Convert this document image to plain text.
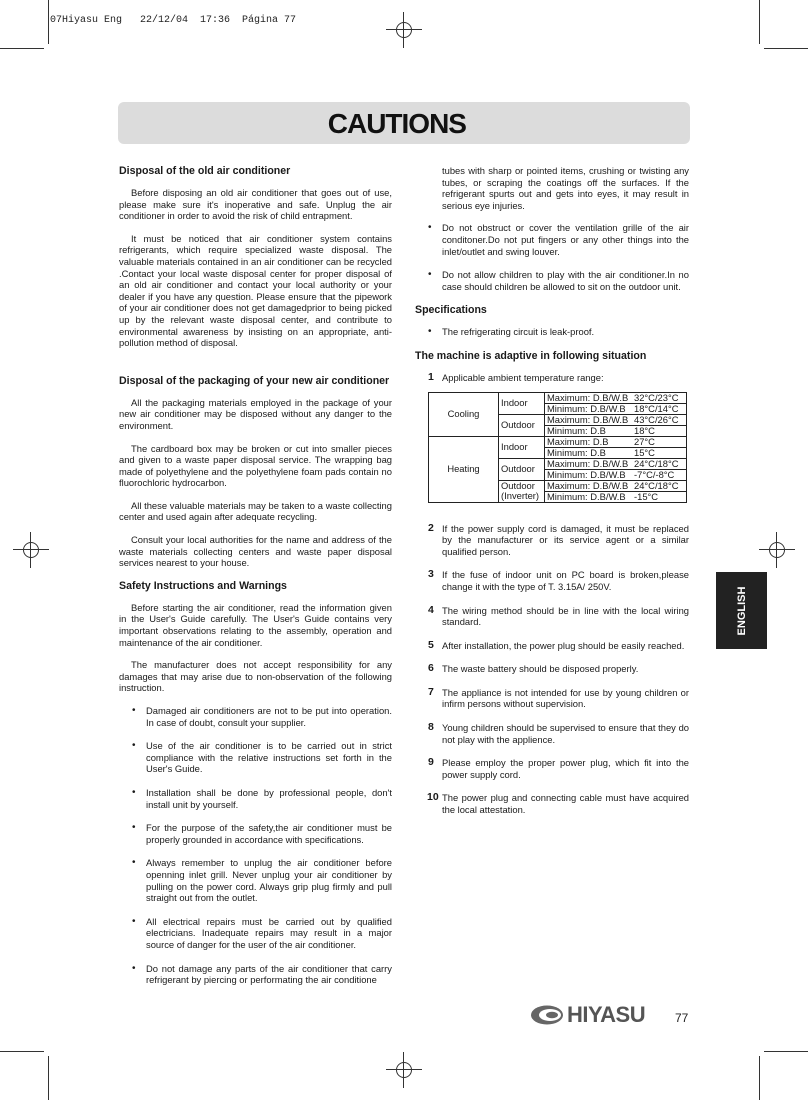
07Hiyasu Eng   22/12/04  17:36  Página 77
CAUTIONS
Disposal of the old air conditioner

Before disposing an old air conditioner that goes out of use, please make sure it's inoperative and safe. Unplug the air conditioner in order to avoid the risk of child entrapment.

It must be noticed that air conditioner system contains refrigerants, which require specialized waste disposal. The valuable materials contained in an air conditioner can be recycled .Contact your local waste disposal center for proper disposal of an old air conditioner and contact your local authority or your dealer if you have any question. Please ensure that the pipework of your air conditioner does not get damagedprior to being picked up by the relevant waste disposal center, and contribute to environmental awareness by insisting on an appropriate, anti-pollution method of disposal.

Disposal of the packaging of your new air conditioner

All the packaging materials employed in the package of your new air conditioner may be disposed without any danger to the environment.

The cardboard box may be broken or cut into smaller pieces and given to a waste paper disposal service. The wrapping bag made of polyethylene and the polyethylene foam pads contain no fluorochloric hydrocarbon.

All these valuable materials may be taken to a waste collecting center and used again after adequate recycling.

Consult your local authorities for the name and address of the waste materials collecting centers and waste paper disposal services nearest to your house.

Safety Instructions and Warnings

Before starting the air conditioner, read the information given in the User's Guide carefully. The User's Guide contains very important observations relating to the assembly, operation and maintenance of the air conditioner.

The manufacturer does not accept responsibility for any damages that may arise due to non-observation of the following instruction.

• Damaged air conditioners are not to be put into operation. In case of doubt, consult your supplier.
• Use of the air conditioner is to be carried out in strict compliance with the relative instructions set forth in the User's Guide.
• Installation shall be done by professional people, don't install unit by yourself.
• For the purpose of the safety,the air conditioner must be properly grounded in accordance with specifications.
• Always remember to unplug the air conditioner before openning inlet grill. Never unplug your air conditioner by pulling on the power cord. Always grip plug firmly and pull straight out from the outlet.
• All electrical repairs must be carried out by qualified electricians. Inadequate repairs may result in a major source of danger for the user of the air conditioner.
• Do not damage any parts of the air conditioner that carry refrigerant by piercing or performating the air conditione

tubes with sharp or pointed items, crushing or twisting any tubes, or scraping the coatings off the surfaces. If the refrigerant spurts out and gets into eyes, it may result in serious eye injuries.

• Do not obstruct or cover the ventilation grille of the air conditoner.Do not put fingers or any other things into the inlet/outlet and swing louver.
• Do not allow children to play with the air conditioner.In no case should children be allowed to sit on the outdoor unit.
Specifications
• The refrigerating circuit is leak-proof.
The machine is adaptive in following situation
1 Applicable ambient temperature range:
Cooling	Indoor	Maximum: D.B/W.B 32°C/23°C
		Minimum: D.B/W.B 18°C/14°C
	Outdoor	Maximum: D.B/W.B 43°C/26°C
		Minimum: D.B 18°C
Heating	Indoor	Maximum: D.B 27°C
		Minimum: D.B 15°C
	Outdoor	Maximum: D.B/W.B 24°C/18°C
		Minimum: D.B/W.B -7°C/-8°C
	Outdoor
(Inverter)	Maximum: D.B/W.B 24°C/18°C
		Minimum: D.B/W.B -15°C
2 If the power supply cord is damaged, it must be replaced by the manufacturer or its service agent or a similar qualified person.
3 If the fuse of indoor unit on PC board is broken,please change it with the type of T. 3.15A/ 250V.
4 The wiring method should be in line with the local wiring standard.
5 After installation, the power plug should be easily reached.
6 The waste battery should be disposed properly.
7 The appliance is not intended for use by young children or infirm persons without supervision.
8 Young children should be supervised to ensure that they do not play with the applience.
9 Please employ the proper power plug, which fit into the power supply cord.
10 The power plug and connecting cable must have acquired the local attestation.
ENGLISH
HIYASU 77
